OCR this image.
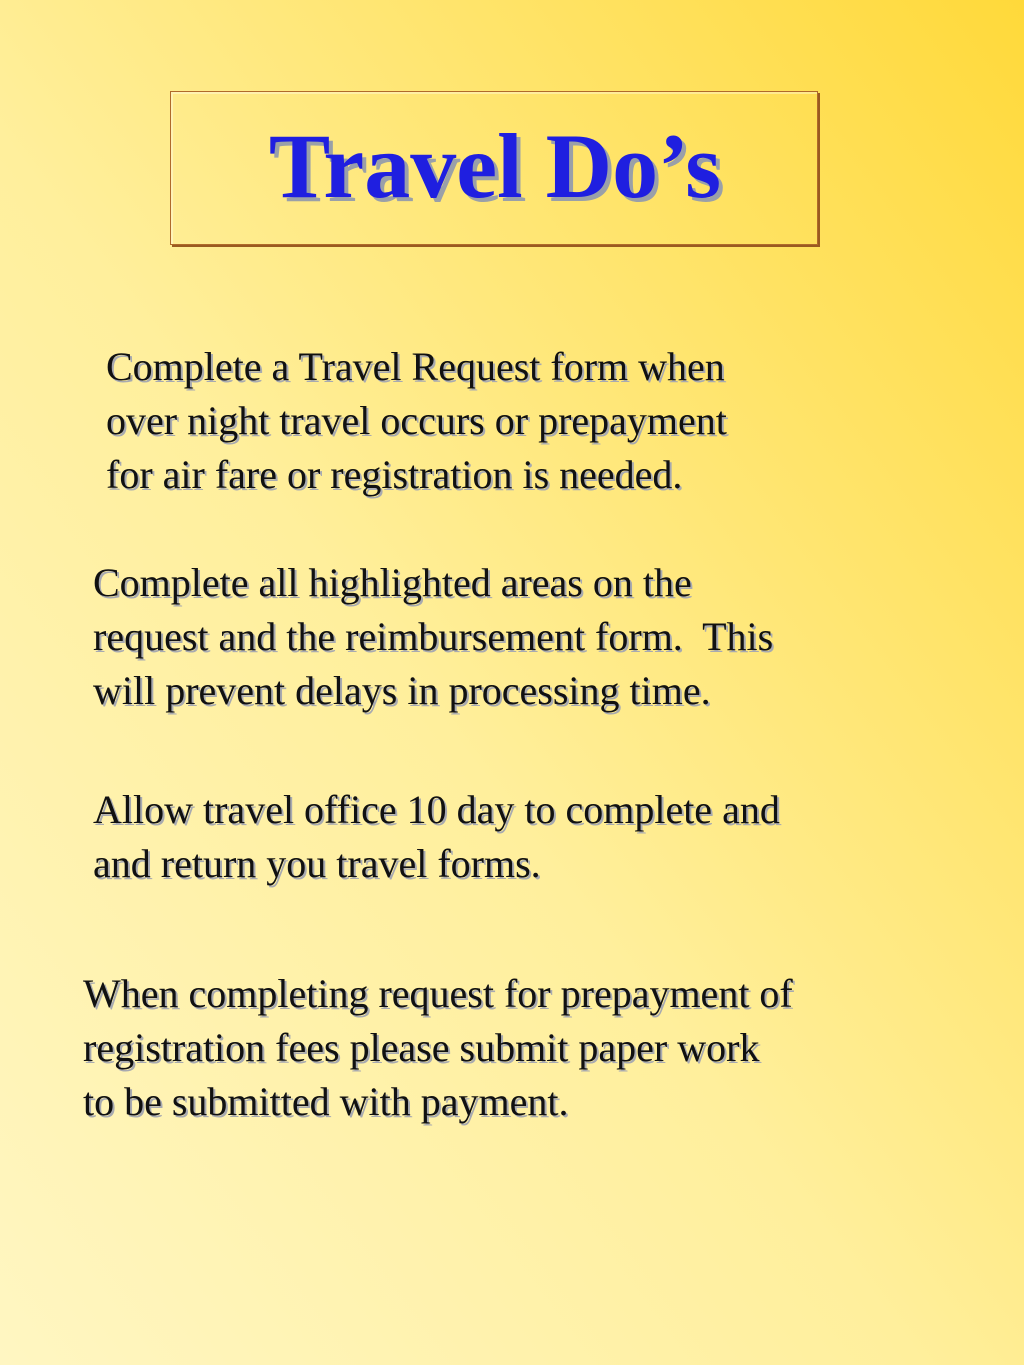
Travel Do’s

Complete a Travel Request form when
over night travel occurs or prepayment
for air fare or registration is needed.

Complete all highlighted areas on the
request and the reimbursement form.  This
will prevent delays in processing time.

Allow travel office 10 day to complete and
and return you travel forms.

When completing request for prepayment of
registration fees please submit paper work
to be submitted with payment.
